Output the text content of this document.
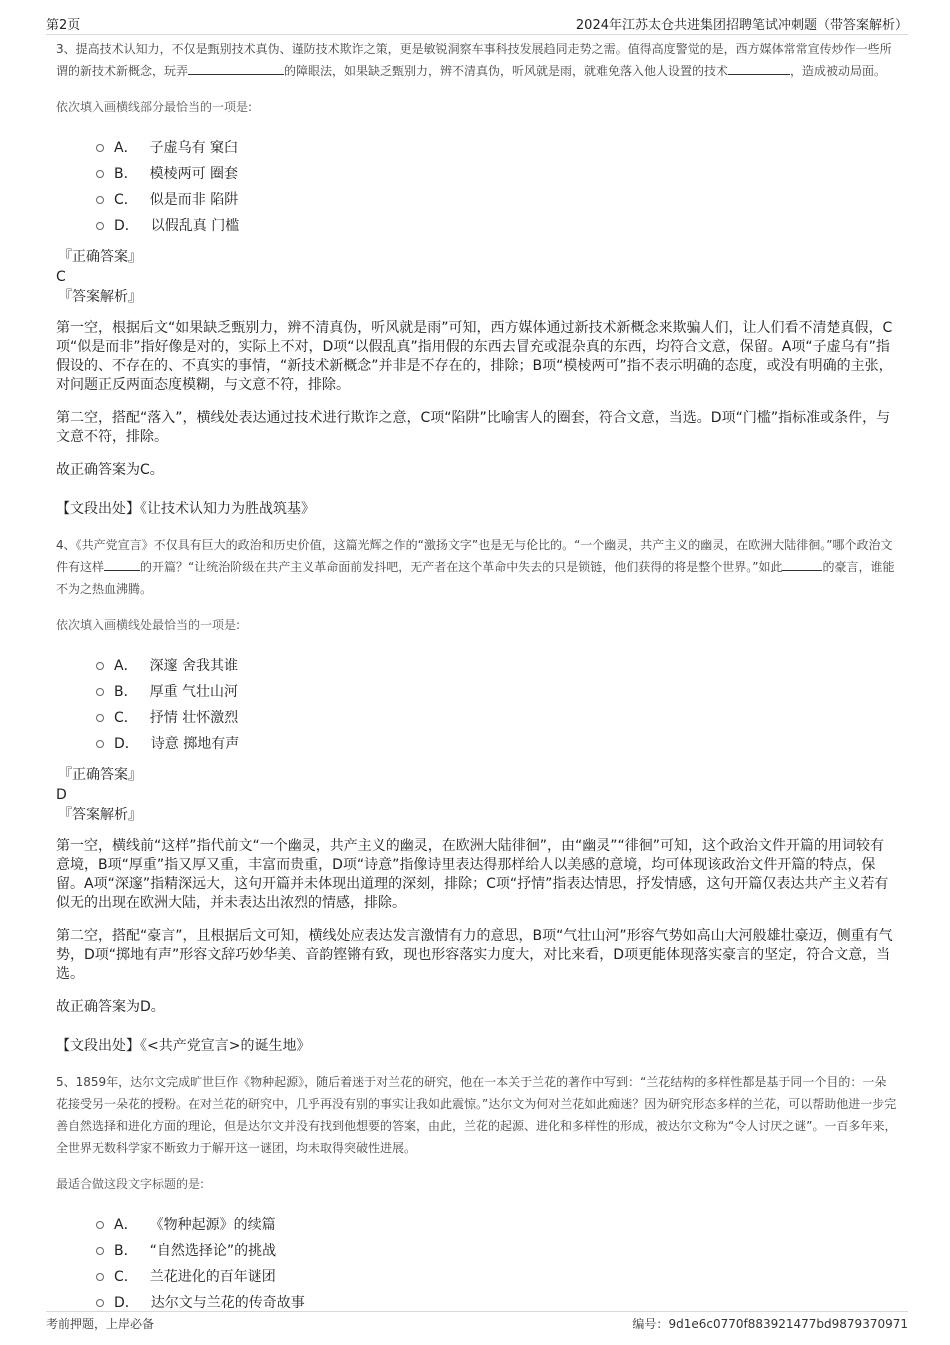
第2页	2024年江苏太仓共进集团招聘笔试冲刺题（带答案解析）

3、提高技术认知力，不仅是甄别技术真伪、谨防技术欺诈之策，更是敏锐洞察车事科技发展趋同走势之需。值得高度警觉的是，西方媒体常常宣传炒作一些所谓的新技术新概念，玩弄	的障眼法，如果缺乏甄别力，辨不清真伪，听风就是雨，就难免落入他人设置的技术	，造成被动局面。

依次填入画横线部分最恰当的一项是:

A． 子虚乌有 窠臼
B． 模棱两可 圈套
C． 似是而非 陷阱
D． 以假乱真 门槛

『正确答案』

C

『答案解析』

第一空，根据后文“如果缺乏甄别力，辨不清真伪，听风就是雨”可知，西方媒体通过新技术新概念来欺骗人们，让人们看不清楚真假，C项“似是而非”指好像是对的，实际上不对，D项“以假乱真”指用假的东西去冒充或混杂真的东西，均符合文意，保留。A项“子虚乌有”指假设的、不存在的、不真实的事情，“新技术新概念”并非是不存在的，排除；B项“模棱两可”指不表示明确的态度，或没有明确的主张，对问题正反两面态度模糊，与文意不符，排除。

第二空，搭配“落入”，横线处表达通过技术进行欺诈之意，C项“陷阱”比喻害人的圈套，符合文意，当选。D项“门槛”指标准或条件，与文意不符，排除。

故正确答案为C。

【文段出处】《让技术认知力为胜战筑基》

4、《共产党宣言》不仅具有巨大的政治和历史价值，这篇光辉之作的“激扬文字”也是无与伦比的。“一个幽灵，共产主义的幽灵，在欧洲大陆徘徊。”哪个政治文件有这样	的开篇？“让统治阶级在共产主义革命面前发抖吧，无产者在这个革命中失去的只是锁链，他们获得的将是整个世界。”如此	的豪言，谁能不为之热血沸腾。

依次填入画横线处最恰当的一项是:

A． 深邃 舍我其谁
B． 厚重 气壮山河
C． 抒情 壮怀激烈
D． 诗意 掷地有声

『正确答案』

D

『答案解析』

第一空，横线前“这样”指代前文“一个幽灵，共产主义的幽灵，在欧洲大陆徘徊”，由“幽灵”“徘徊”可知，这个政治文件开篇的用词较有意境，B项“厚重”指又厚又重，丰富而贵重，D项“诗意”指像诗里表达得那样给人以美感的意境，均可体现该政治文件开篇的特点，保留。A项“深邃”指精深远大，这句开篇并未体现出道理的深刻，排除；C项“抒情”指表达情思，抒发情感，这句开篇仅表达共产主义若有似无的出现在欧洲大陆，并未表达出浓烈的情感，排除。

第二空，搭配“豪言”，且根据后文可知，横线处应表达发言激情有力的意思，B项“气壮山河”形容气势如高山大河般雄壮豪迈，侧重有气势，D项“掷地有声”形容文辞巧妙华美、音韵铿锵有致，现也形容落实力度大，对比来看，D项更能体现落实豪言的坚定，符合文意，当选。

故正确答案为D。

【文段出处】《<共产党宣言>的诞生地》

5、1859年，达尔文完成旷世巨作《物种起源》，随后着迷于对兰花的研究，他在一本关于兰花的著作中写到：“兰花结构的多样性都是基于同一个目的：一朵花接受另一朵花的授粉。在对兰花的研究中，几乎再没有别的事实让我如此震惊。”达尔文为何对兰花如此痴迷？因为研究形态多样的兰花，可以帮助他进一步完善自然选择和进化方面的理论，但是达尔文并没有找到他想要的答案，由此，兰花的起源、进化和多样性的形成，被达尔文称为“令人讨厌之谜”。一百多年来，全世界无数科学家不断致力于解开这一谜团，均未取得突破性进展。

最适合做这段文字标题的是:

A． 《物种起源》的续篇
B． “自然选择论”的挑战
C． 兰花进化的百年谜团
D． 达尔文与兰花的传奇故事
考前押题，上岸必备	编号：9d1e6c0770f883921477bd9879370971
